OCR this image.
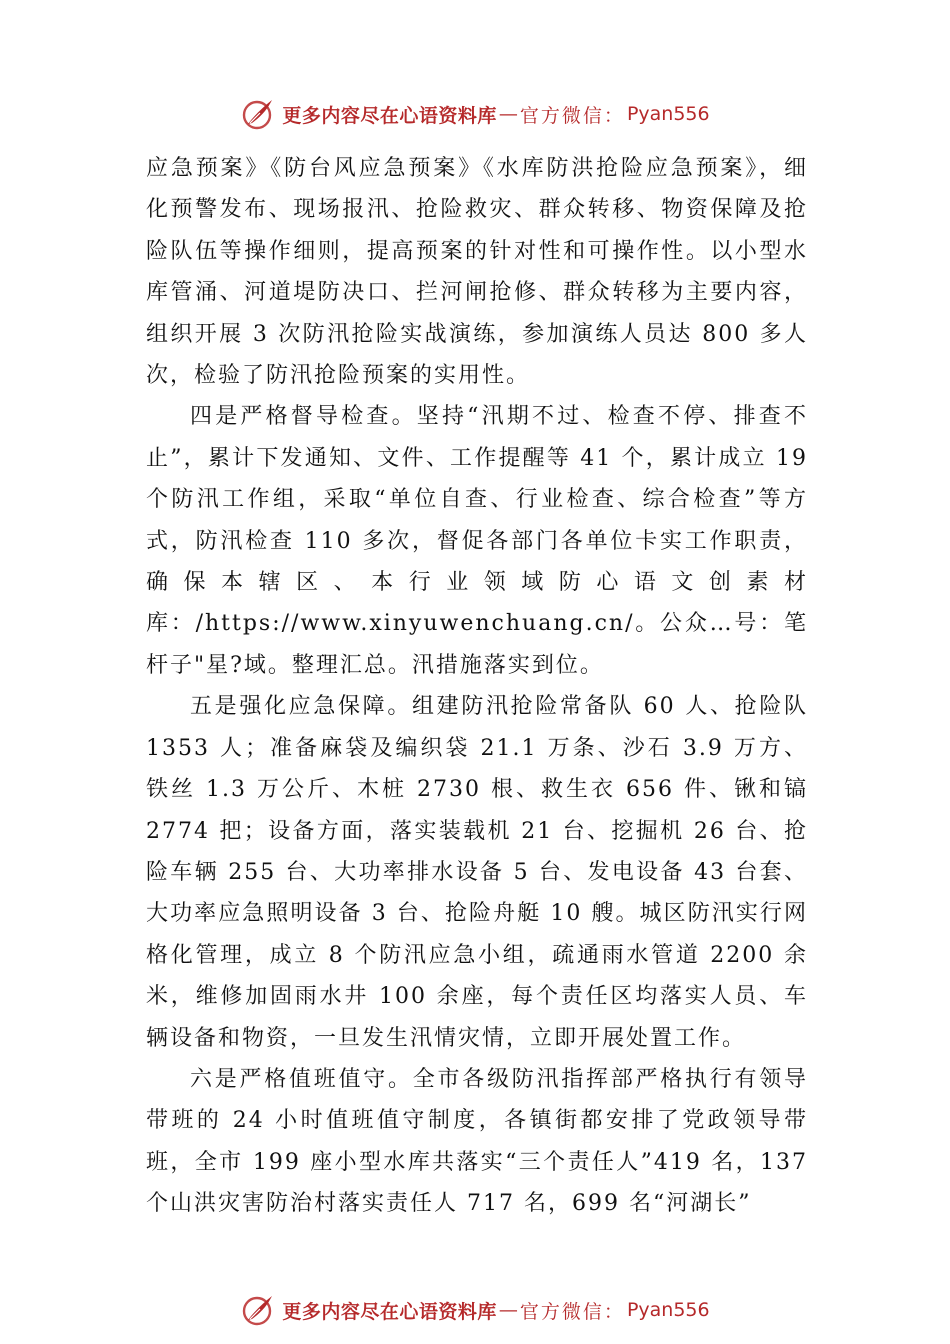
更多内容尽在心语资料库 — 官方微信： Pyan556

应急预案》《防台风应急预案》《水库防洪抢险应急预案》，细化预警发布、现场报汛、抢险救灾、群众转移、物资保障及抢险队伍等操作细则，提高预案的针对性和可操作性。以小型水库管涌、河道堤防决口、拦河闸抢修、群众转移为主要内容，组织开展 3 次防汛抢险实战演练，参加演练人员达 800 多人次，检验了防汛抢险预案的实用性。

四是严格督导检查。坚持“汛期不过、检查不停、排查不止”，累计下发通知、文件、工作提醒等 41 个，累计成立 19 个防汛工作组，采取“单位自查、行业检查、综合检查”等方式，防汛检查 110 多次，督促各部门各单位卡实工作职责，确保本辖区、本行业领域防心语文创素材库：/https://www.xinyuwenchuang.cn/。公众…号：笔杆子"星?域。整理汇总。汛措施落实到位。

五是强化应急保障。组建防汛抢险常备队 60 人、抢险队 1353 人；准备麻袋及编织袋 21.1 万条、沙石 3.9 万方、铁丝 1.3 万公斤、木桩 2730 根、救生衣 656 件、锹和镐 2774 把；设备方面，落实装载机 21 台、挖掘机 26 台、抢险车辆 255 台、大功率排水设备 5 台、发电设备 43 台套、大功率应急照明设备 3 台、抢险舟艇 10 艘。城区防汛实行网格化管理，成立 8 个防汛应急小组，疏通雨水管道 2200 余米，维修加固雨水井 100 余座，每个责任区均落实人员、车辆设备和物资，一旦发生汛情灾情，立即开展处置工作。

六是严格值班值守。全市各级防汛指挥部严格执行有领导带班的 24 小时值班值守制度，各镇街都安排了党政领导带班，全市 199 座小型水库共落实“三个责任人”419 名，137 个山洪灾害防治村落实责任人 717 名，699 名“河湖长”

更多内容尽在心语资料库 — 官方微信： Pyan556
